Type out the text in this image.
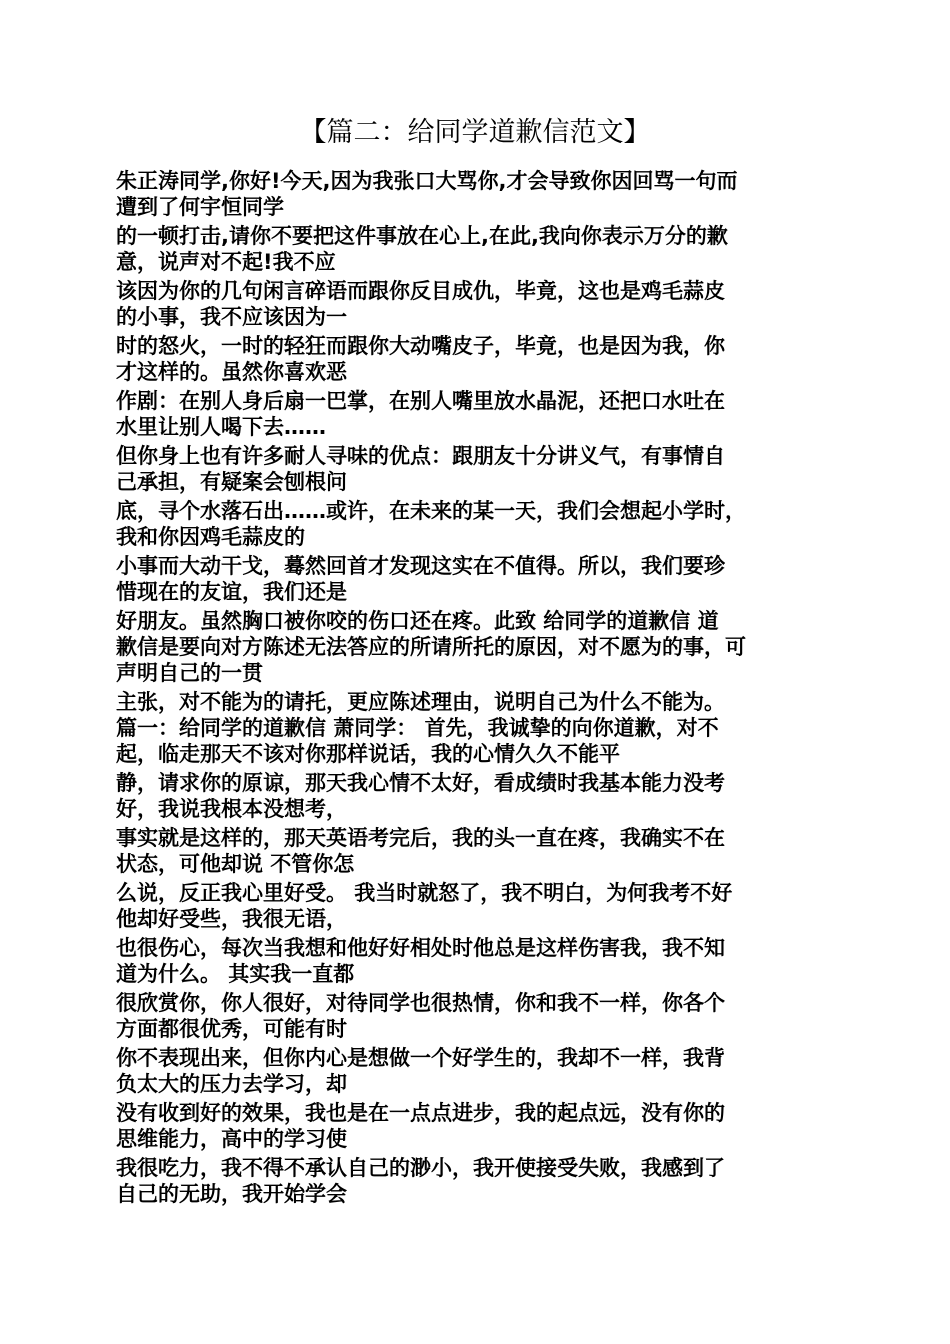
【篇二：给同学道歉信范文】
朱正涛同学,你好!今天,因为我张口大骂你,才会导致你因回骂一句而
遭到了何宇恒同学
的一顿打击,请你不要把这件事放在心上,在此,我向你表示万分的歉
意，说声对不起!我不应
该因为你的几句闲言碎语而跟你反目成仇，毕竟，这也是鸡毛蒜皮
的小事，我不应该因为一
时的怒火，一时的轻狂而跟你大动嘴皮子，毕竟，也是因为我，你
才这样的。虽然你喜欢恶
作剧：在别人身后扇一巴掌，在别人嘴里放水晶泥，还把口水吐在
水里让别人喝下去……
但你身上也有许多耐人寻味的优点：跟朋友十分讲义气，有事情自
己承担，有疑案会刨根问
底，寻个水落石出……或许，在未来的某一天，我们会想起小学时，
我和你因鸡毛蒜皮的
小事而大动干戈，蓦然回首才发现这实在不值得。所以，我们要珍
惜现在的友谊，我们还是
好朋友。虽然胸口被你咬的伤口还在疼。此致 给同学的道歉信 道
歉信是要向对方陈述无法答应的所请所托的原因，对不愿为的事，可
声明自己的一贯
主张，对不能为的请托，更应陈述理由，说明自己为什么不能为。
篇一：给同学的道歉信 萧同学： 首先，我诚挚的向你道歉，对不
起，临走那天不该对你那样说话，我的心情久久不能平
静，请求你的原谅，那天我心情不太好，看成绩时我基本能力没考
好，我说我根本没想考，
事实就是这样的，那天英语考完后，我的头一直在疼，我确实不在
状态，可他却说 不管你怎
么说，反正我心里好受。 我当时就怒了，我不明白，为何我考不好
他却好受些，我很无语，
也很伤心，每次当我想和他好好相处时他总是这样伤害我，我不知
道为什么。 其实我一直都
很欣赏你，你人很好，对待同学也很热情，你和我不一样，你各个
方面都很优秀，可能有时
你不表现出来，但你内心是想做一个好学生的，我却不一样，我背
负太大的压力去学习，却
没有收到好的效果，我也是在一点点进步，我的起点远，没有你的
思维能力，高中的学习使
我很吃力，我不得不承认自己的渺小，我开使接受失败，我感到了
自己的无助，我开始学会
